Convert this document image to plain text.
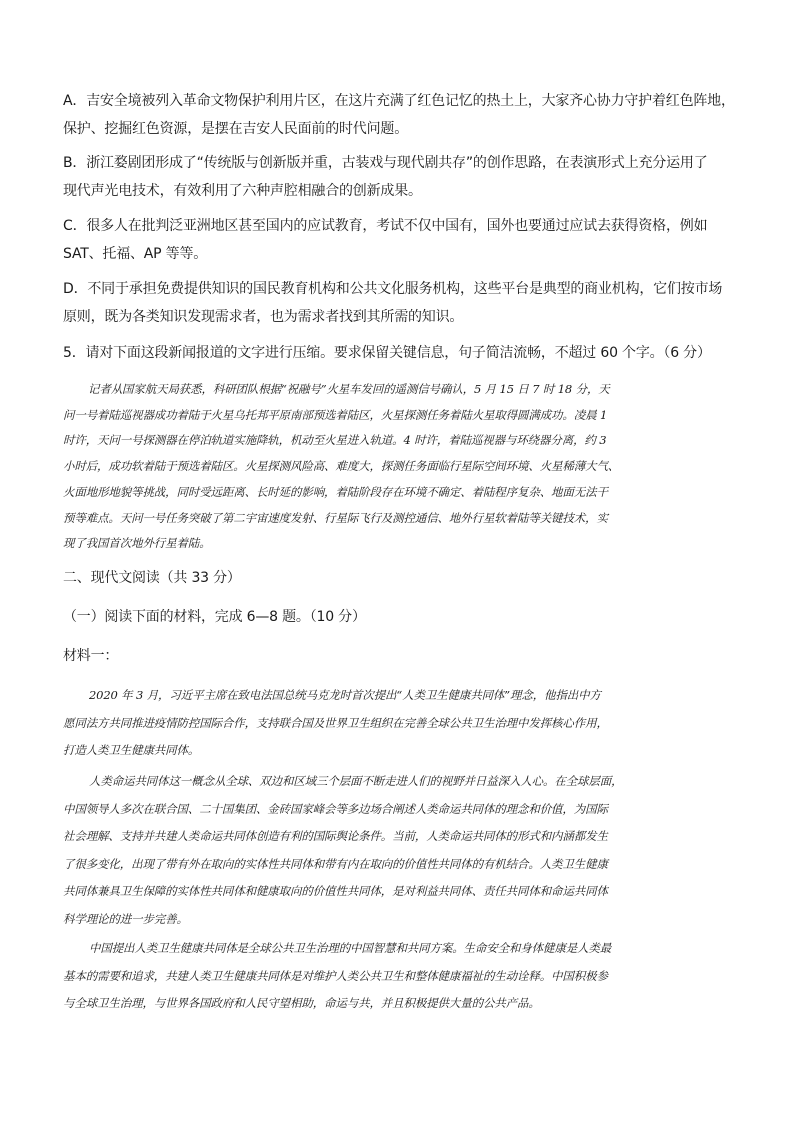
A．吉安全境被列入革命文物保护利用片区，在这片充满了红色记忆的热土上，大家齐心协力守护着红色阵地，
保护、挖掘红色资源，是摆在吉安人民面前的时代问题。
B．浙江婺剧团形成了“传统版与创新版并重，古装戏与现代剧共存”的创作思路，在表演形式上充分运用了
现代声光电技术，有效利用了六种声腔相融合的创新成果。
C．很多人在批判泛亚洲地区甚至国内的应试教育，考试不仅中国有，国外也要通过应试去获得资格，例如
SAT、托福、AP 等等。
D．不同于承担免费提供知识的国民教育机构和公共文化服务机构，这些平台是典型的商业机构，它们按市场
原则，既为各类知识发现需求者，也为需求者找到其所需的知识。
5．请对下面这段新闻报道的文字进行压缩。要求保留关键信息，句子简洁流畅，不超过 60 个字。（6 分）
记者从国家航天局获悉，科研团队根据“祝融号”火星车发回的遥测信号确认，5 月 15 日 7 时 18 分，天
问一号着陆巡视器成功着陆于火星乌托邦平原南部预选着陆区，火星探测任务着陆火星取得圆满成功。凌晨 1
时许，天问一号探测器在停泊轨道实施降轨，机动至火星进入轨道。4 时许，着陆巡视器与环绕器分离，约 3
小时后，成功软着陆于预选着陆区。火星探测风险高、难度大，探测任务面临行星际空间环境、火星稀薄大气、
火面地形地貌等挑战，同时受远距离、长时延的影响，着陆阶段存在环境不确定、着陆程序复杂、地面无法干
预等难点。天问一号任务突破了第二宇宙速度发射、行星际飞行及测控通信、地外行星软着陆等关键技术，实
现了我国首次地外行星着陆。
二、现代文阅读（共 33 分）
（一）阅读下面的材料，完成 6—8 题。（10 分）
材料一：
2020 年 3 月，习近平主席在致电法国总统马克龙时首次提出“人类卫生健康共同体”理念，他指出中方
愿同法方共同推进疫情防控国际合作，支持联合国及世界卫生组织在完善全球公共卫生治理中发挥核心作用，
打造人类卫生健康共同体。
人类命运共同体这一概念从全球、双边和区域三个层面不断走进人们的视野并日益深入人心。在全球层面，
中国领导人多次在联合国、二十国集团、金砖国家峰会等多边场合阐述人类命运共同体的理念和价值，为国际
社会理解、支持并共建人类命运共同体创造有利的国际舆论条件。当前，人类命运共同体的形式和内涵都发生
了很多变化，出现了带有外在取向的实体性共同体和带有内在取向的价值性共同体的有机结合。人类卫生健康
共同体兼具卫生保障的实体性共同体和健康取向的价值性共同体，是对利益共同体、责任共同体和命运共同体
科学理论的进一步完善。
中国提出人类卫生健康共同体是全球公共卫生治理的中国智慧和共同方案。生命安全和身体健康是人类最
基本的需要和追求，共建人类卫生健康共同体是对维护人类公共卫生和整体健康福祉的生动诠释。中国积极参
与全球卫生治理，与世界各国政府和人民守望相助，命运与共，并且积极提供大量的公共产品。
